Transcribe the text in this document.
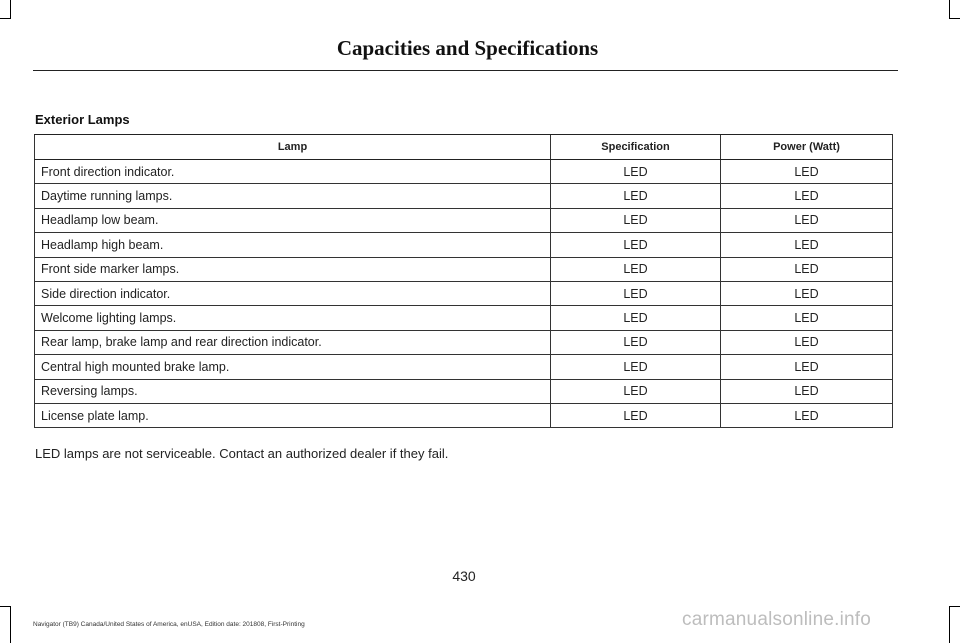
Capacities and Specifications
Exterior Lamps
Lamp	Specification	Power (Watt)
Front direction indicator.	LED	LED
Daytime running lamps.	LED	LED
Headlamp low beam.	LED	LED
Headlamp high beam.	LED	LED
Front side marker lamps.	LED	LED
Side direction indicator.	LED	LED
Welcome lighting lamps.	LED	LED
Rear lamp, brake lamp and rear direction indicator.	LED	LED
Central high mounted brake lamp.	LED	LED
Reversing lamps.	LED	LED
License plate lamp.	LED	LED
LED lamps are not serviceable. Contact an authorized dealer if they fail.
430
Navigator (TB9) Canada/United States of America, enUSA, Edition date: 201808, First-Printing	carmanualsonline.info
